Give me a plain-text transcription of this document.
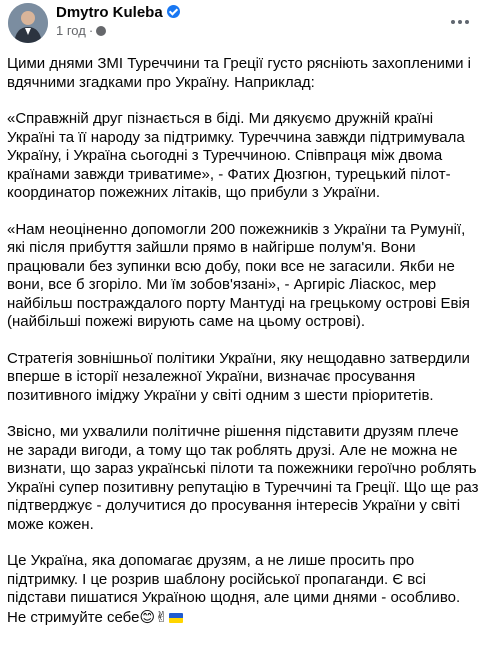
Dmytro Kuleba
1 год ·

Цими днями ЗМІ Туреччини та Греції густо рясніють захопленими і вдячними згадками про Україну. Наприклад:

«Справжній друг пізнається в біді. Ми дякуємо дружній країні Україні та її народу за підтримку. Туреччина завжди підтримувала Україну, і Україна сьогодні з Туреччиною. Співпраця між двома країнами завжди триватиме», - Фатих Дюзгюн, турецький пілот-координатор пожежних літаків, що прибули з України.

«Нам неоціненно допомогли 200 пожежників з України та Румунії, які після прибуття зайшли прямо в найгірше полум'я. Вони працювали без зупинки всю добу, поки все не загасили. Якби не вони, все б згоріло. Ми їм зобов'язані», - Аргиріс Ліаскос, мер найбільш постраждалого порту Мантуді на грецькому острові Евія (найбільші пожежі вирують саме на цьому острові).

Стратегія зовнішньої політики України, яку нещодавно затвердили вперше в історії незалежної України, визначає просування позитивного іміджу України у світі одним з шести пріоритетів.

Звісно, ми ухвалили політичне рішення підставити друзям плече не заради вигоди, а тому що так роблять друзі. Але не можна не визнати, що зараз українські пілоти та пожежники героїчно роблять Україні супер позитивну репутацію в Туреччині та Греції. Що ще раз підтверджує - долучитися до просування інтересів України у світі може кожен.

Це Україна, яка допомагає друзям, а не лише просить про підтримку. І це розрив шаблону російської пропаганди. Є всі підстави пишатися Україною щодня, але цими днями - особливо. Не стримуйте себе😊✌
